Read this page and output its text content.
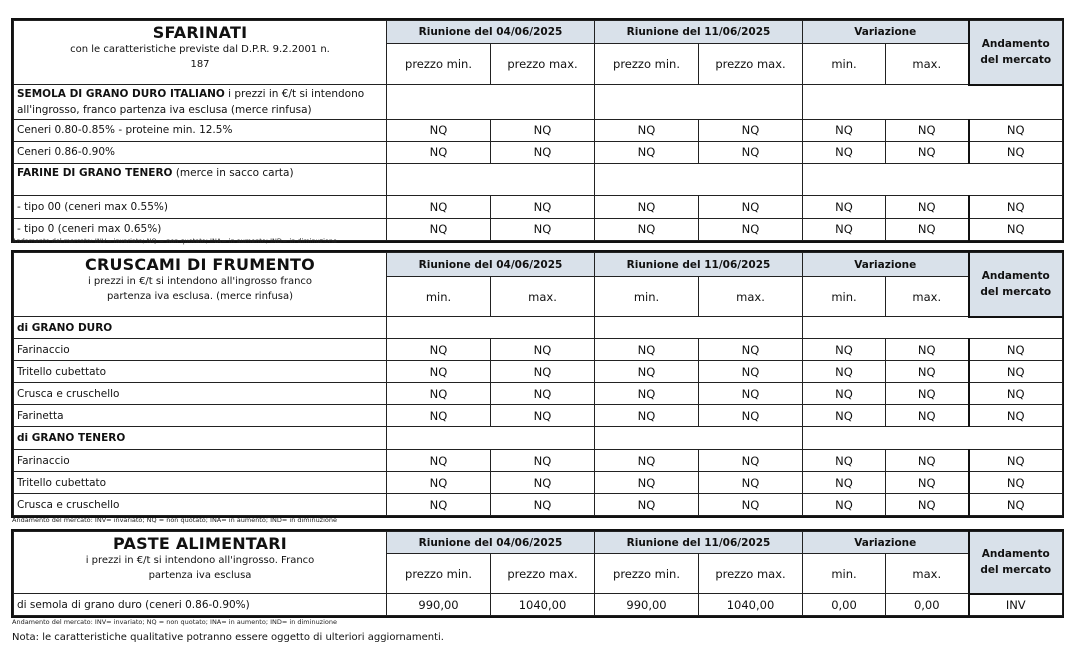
SFARINATI
con le caratteristiche previste dal D.P.R. 9.2.2001 n. 187	Riunione del 04/06/2025		Riunione del 11/06/2025		Variazione		Andamento del mercato
	prezzo min.	prezzo max.	prezzo min.	prezzo max.	min.	max.	
SEMOLA DI GRANO DURO ITALIANO i prezzi in €/t si intendono all'ingrosso, franco partenza iva esclusa (merce rinfusa)							
Ceneri 0.80-0.85% - proteine min. 12.5%	NQ	NQ	NQ	NQ	NQ	NQ	NQ
Ceneri 0.86-0.90%	NQ	NQ	NQ	NQ	NQ	NQ	NQ
FARINE DI GRANO TENERO (merce in sacco carta)							
- tipo 00 (ceneri max 0.55%)	NQ	NQ	NQ	NQ	NQ	NQ	NQ
- tipo 0 (ceneri max 0.65%)	NQ	NQ	NQ	NQ	NQ	NQ	NQ
Andamento del mercato: INV= invariato; NQ = non quotato; INA= in aumento; IND= in diminuzione
CRUSCAMI DI FRUMENTO
i prezzi in €/t si intendono all'ingrosso franco partenza iva esclusa. (merce rinfusa)	Riunione del 04/06/2025		Riunione del 11/06/2025		Variazione		Andamento del mercato
	min.	max.	min.	max.	min.	max.	
di GRANO DURO							
Farinaccio	NQ	NQ	NQ	NQ	NQ	NQ	NQ
Tritello cubettato	NQ	NQ	NQ	NQ	NQ	NQ	NQ
Crusca e cruschello	NQ	NQ	NQ	NQ	NQ	NQ	NQ
Farinetta	NQ	NQ	NQ	NQ	NQ	NQ	NQ
di GRANO TENERO							
Farinaccio	NQ	NQ	NQ	NQ	NQ	NQ	NQ
Tritello cubettato	NQ	NQ	NQ	NQ	NQ	NQ	NQ
Crusca e cruschello	NQ	NQ	NQ	NQ	NQ	NQ	NQ
Andamento del mercato: INV= invariato; NQ = non quotato; INA= in aumento; IND= in diminuzione
PASTE ALIMENTARI
i prezzi in €/t si intendono all'ingrosso. Franco partenza iva esclusa	Riunione del 04/06/2025		Riunione del 11/06/2025		Variazione		Andamento del mercato
	prezzo min.	prezzo max.	prezzo min.	prezzo max.	min.	max.	
di semola di grano duro (ceneri 0.86-0.90%)	990,00	1040,00	990,00	1040,00	0,00	0,00	INV
Andamento del mercato: INV= invariato; NQ = non quotato; INA= in aumento; IND= in diminuzione
Nota: le caratteristiche qualitative potranno essere oggetto di ulteriori aggiornamenti.
